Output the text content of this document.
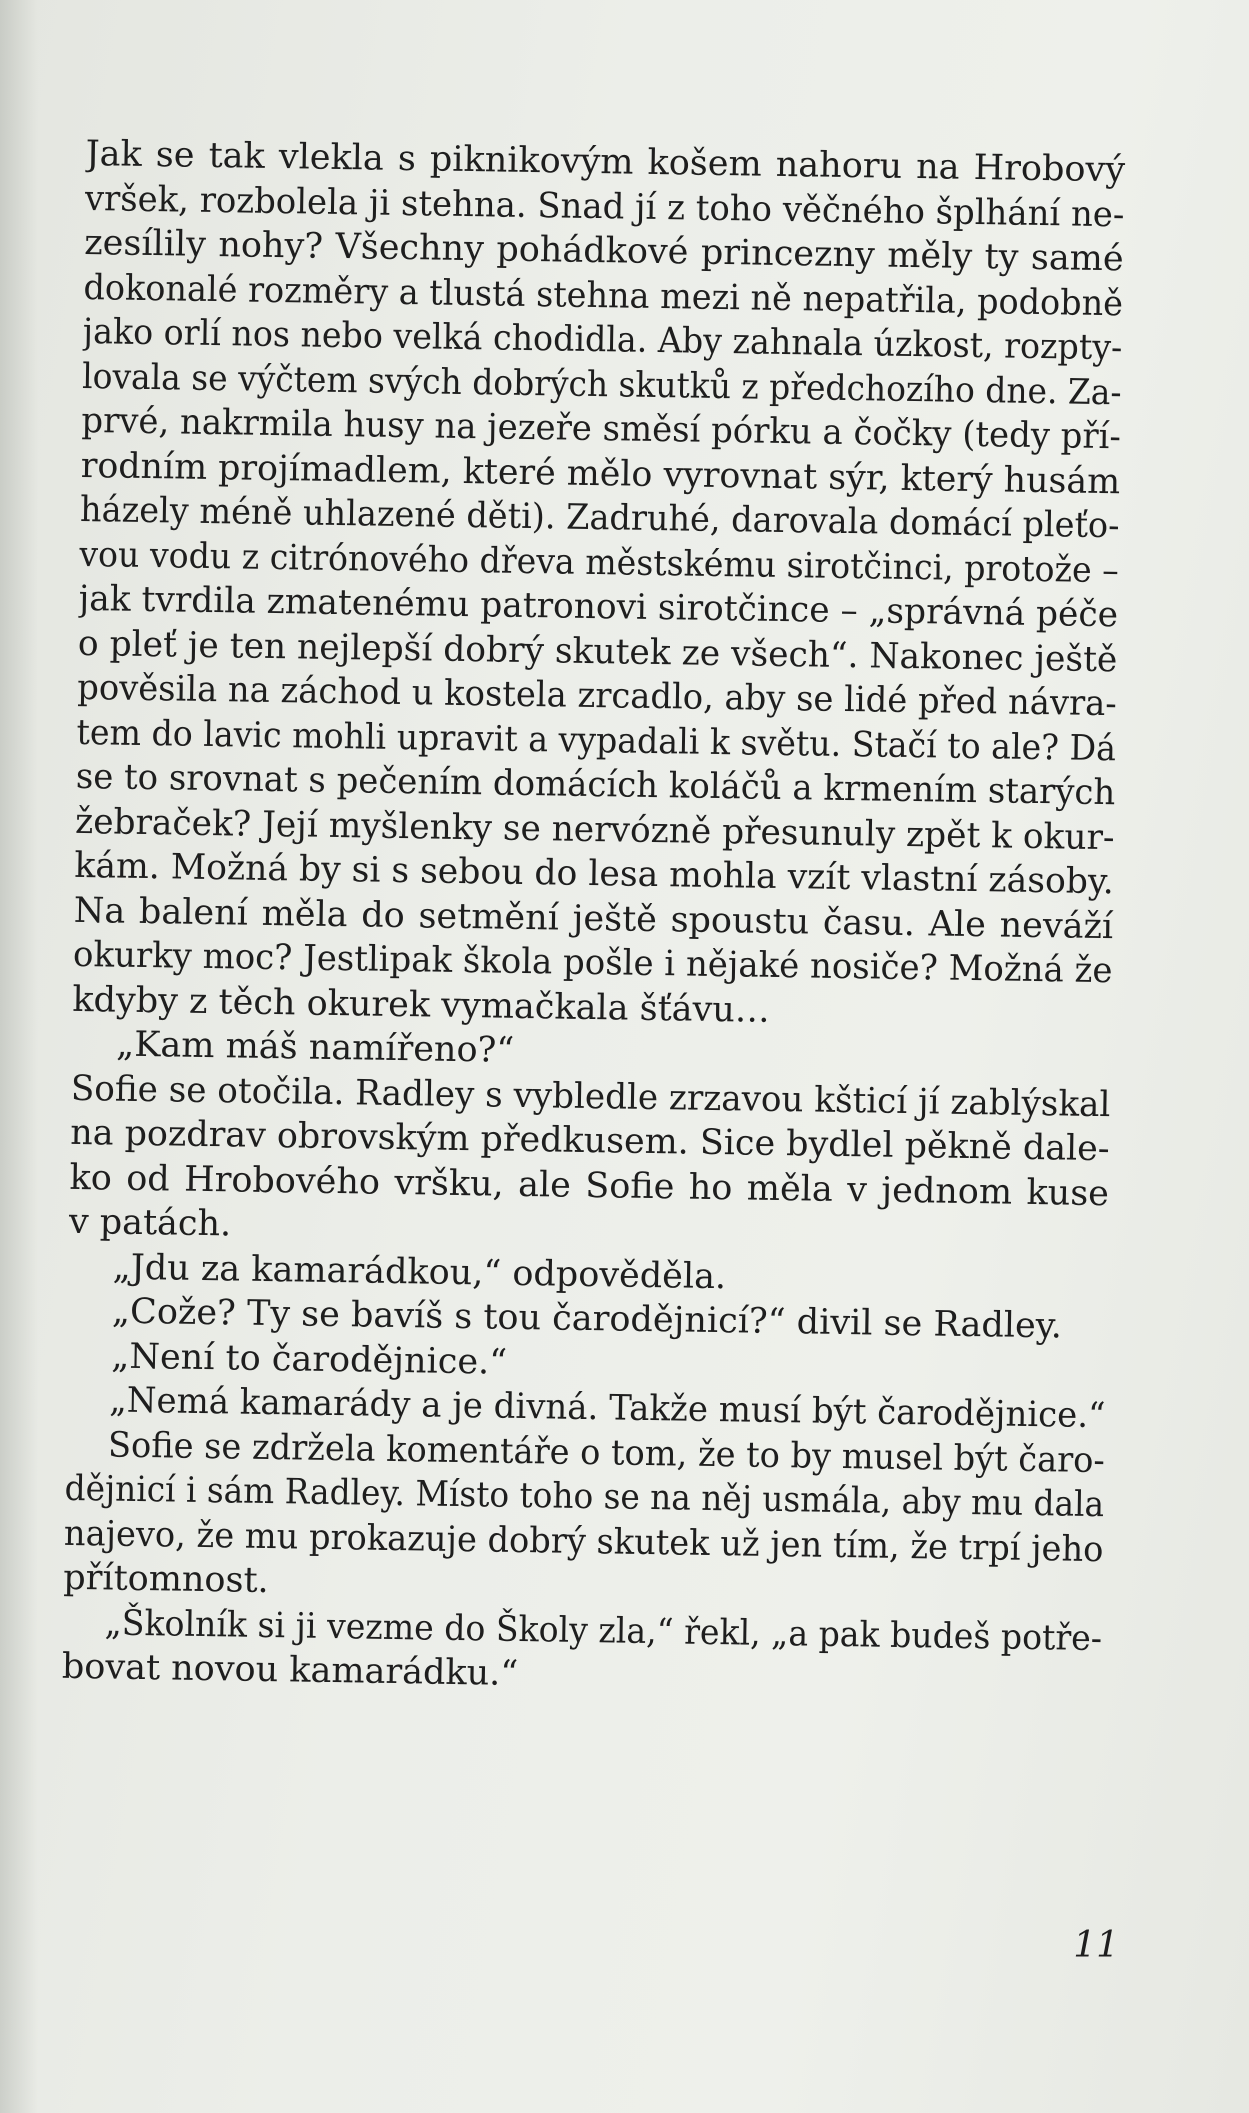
Jak se tak vlekla s piknikovým košem nahoru na Hrobový
vršek, rozbolela ji stehna. Snad jí z toho věčného šplhání ne-
zesílily nohy? Všechny pohádkové princezny měly ty samé
dokonalé rozměry a tlustá stehna mezi ně nepatřila, podobně
jako orlí nos nebo velká chodidla. Aby zahnala úzkost, rozpty-
lovala se výčtem svých dobrých skutků z předchozího dne. Za-
prvé, nakrmila husy na jezeře směsí pórku a čočky (tedy pří-
rodním projímadlem, které mělo vyrovnat sýr, který husám
házely méně uhlazené děti). Zadruhé, darovala domácí pleťo-
vou vodu z citrónového dřeva městskému sirotčinci, protože –
jak tvrdila zmatenému patronovi sirotčince – „správná péče
o pleť je ten nejlepší dobrý skutek ze všech“. Nakonec ještě
pověsila na záchod u kostela zrcadlo, aby se lidé před návra-
tem do lavic mohli upravit a vypadali k světu. Stačí to ale? Dá
se to srovnat s pečením domácích koláčů a krmením starých
žebraček? Její myšlenky se nervózně přesunuly zpět k okur-
kám. Možná by si s sebou do lesa mohla vzít vlastní zásoby.
Na balení měla do setmění ještě spoustu času. Ale neváží
okurky moc? Jestlipak škola pošle i nějaké nosiče? Možná že
kdyby z těch okurek vymačkala šťávu…
„Kam máš namířeno?“
Sofie se otočila. Radley s vybledle zrzavou kšticí jí zablýskal
na pozdrav obrovským předkusem. Sice bydlel pěkně dale-
ko od Hrobového vršku, ale Sofie ho měla v jednom kuse
v patách.
„Jdu za kamarádkou,“ odpověděla.
„Cože? Ty se bavíš s tou čarodějnicí?“ divil se Radley.
„Není to čarodějnice.“
„Nemá kamarády a je divná. Takže musí být čarodějnice.“
Sofie se zdržela komentáře o tom, že to by musel být čaro-
dějnicí i sám Radley. Místo toho se na něj usmála, aby mu dala
najevo, že mu prokazuje dobrý skutek už jen tím, že trpí jeho
přítomnost.
„Školník si ji vezme do Školy zla,“ řekl, „a pak budeš potře-
bovat novou kamarádku.“
11
